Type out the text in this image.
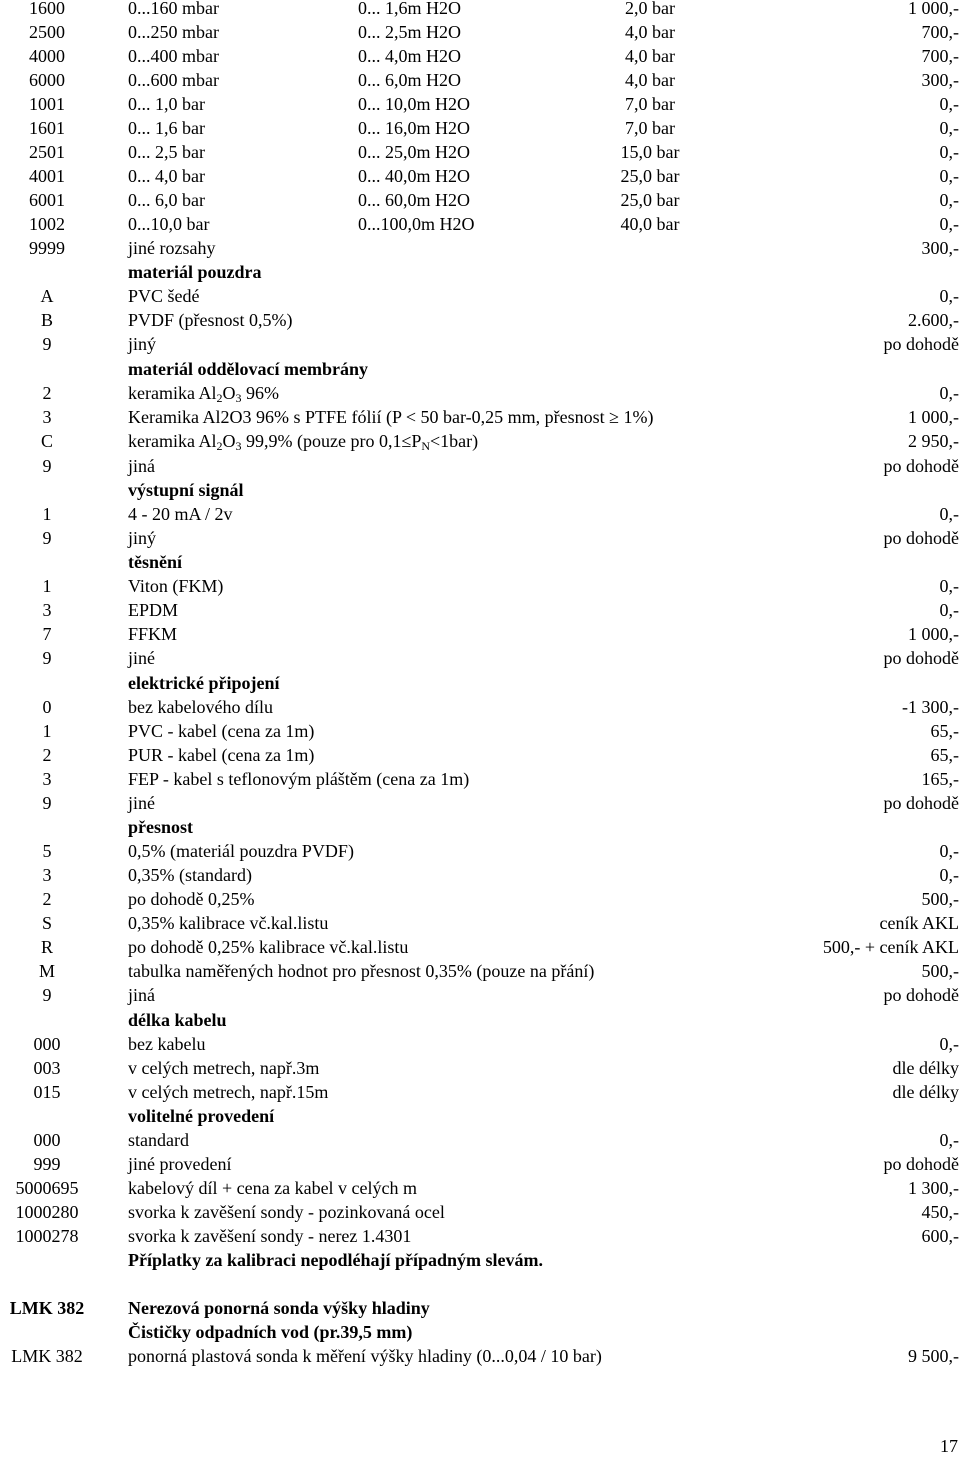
1600	0...160 mbar	0... 1,6m H2O	2,0 bar	1 000,-
2500	0...250 mbar	0... 2,5m H2O	4,0 bar	700,-
4000	0...400 mbar	0... 4,0m H2O	4,0 bar	700,-
6000	0...600 mbar	0... 6,0m H2O	4,0 bar	300,-
1001	0... 1,0 bar	0... 10,0m H2O	7,0 bar	0,-
1601	0... 1,6 bar	0... 16,0m H2O	7,0 bar	0,-
2501	0... 2,5 bar	0... 25,0m H2O	15,0 bar	0,-
4001	0... 4,0 bar	0... 40,0m H2O	25,0 bar	0,-
6001	0... 6,0 bar	0... 60,0m H2O	25,0 bar	0,-
1002	0...10,0 bar	0...100,0m H2O	40,0 bar	0,-
9999	jiné rozsahy	300,-
materiál pouzdra
A	PVC šedé	0,-
B	PVDF (přesnost 0,5%)	2.600,-
9	jiný	po dohodě
materiál oddělovací membrány
2	keramika $Al_2O_3$ 96%	0,-
3	Keramika Al2O3 96% s PTFE fólií (P < 50 bar-0,25 mm, přesnost ≥ 1%)	1 000,-
C	keramika $Al_2O_3$ 99,9% (pouze pro $0,1\le P_N<1bar$)	2 950,-
9	jiná	po dohodě
výstupní signál
1	4 - 20 mA / 2v	0,-
9	jiný	po dohodě
těsnění
1	Viton (FKM)	0,-
3	EPDM	0,-
7	FFKM	1 000,-
9	jiné	po dohodě
elektrické připojení
0	bez kabelového dílu	-1 300,-
1	PVC - kabel (cena za 1m)	65,-
2	PUR - kabel (cena za 1m)	65,-
3	FEP - kabel s teflonovým pláštěm (cena za 1m)	165,-
9	jiné	po dohodě
přesnost
5	0,5% (materiál pouzdra PVDF)	0,-
3	0,35% (standard)	0,-
2	po dohodě 0,25%	500,-
S	0,35% kalibrace vč.kal.listu	ceník AKL
R	po dohodě 0,25% kalibrace vč.kal.listu	500,- + ceník AKL
M	tabulka naměřených hodnot pro přesnost 0,35% (pouze na přání)	500,-
9	jiná	po dohodě
délka kabelu
000	bez kabelu	0,-
003	v celých metrech, např.3m	dle délky
015	v celých metrech, např.15m	dle délky
volitelné provedení
000	standard	0,-
999	jiné provedení	po dohodě
5000695	kabelový díl + cena za kabel v celých m	1 300,-
1000280	svorka k zavěšení sondy - pozinkovaná ocel	450,-
1000278	svorka k zavěšení sondy - nerez 1.4301	600,-
Příplatky za kalibraci nepodléhají případným slevám.
LMK 382	Nerezová ponorná sonda výšky hladiny
Čističky odpadních vod (pr.39,5 mm)
LMK 382	ponorná plastová sonda k měření výšky hladiny (0...0,04 / 10 bar)	9 500,-
17
